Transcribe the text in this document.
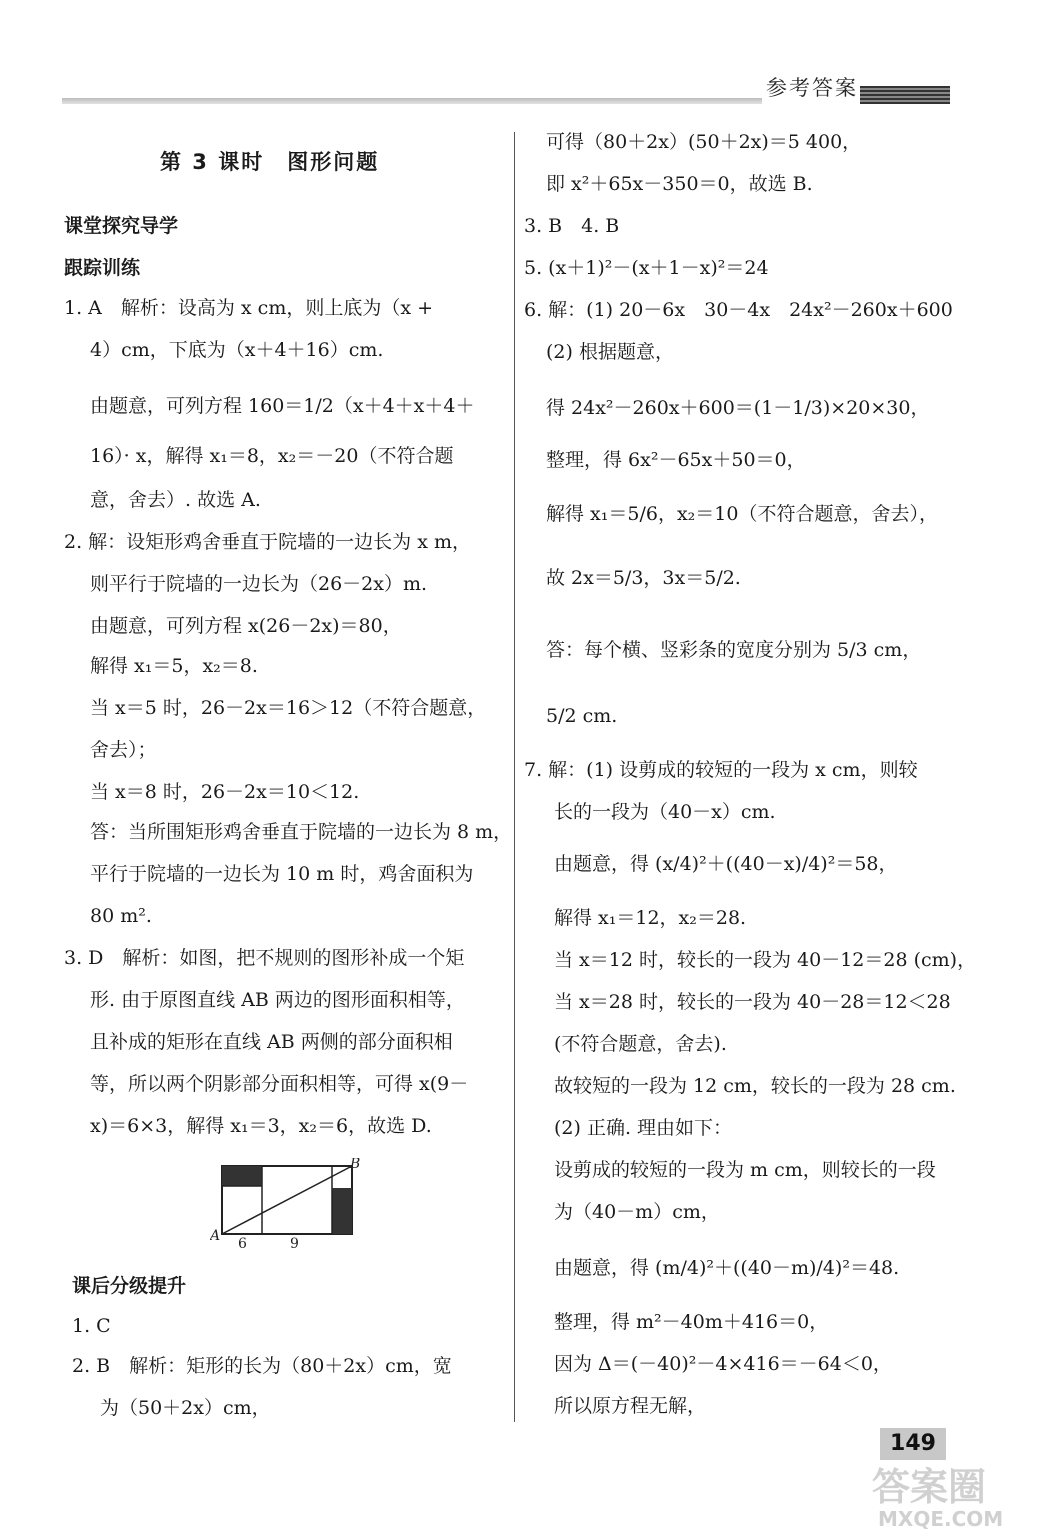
参考答案
第 3 课时　图形问题
课堂探究导学
跟踪训练
1. A　解析：设高为 x cm，则上底为（x +
4）cm，下底为（x＋4＋16）cm.
由题意，可列方程 160＝1/2（x＋4＋x＋4＋
16）· x，解得 x₁＝8，x₂＝－20（不符合题
意，舍去）. 故选 A.
2. 解：设矩形鸡舍垂直于院墙的一边长为 x m，
则平行于院墙的一边长为（26－2x）m.
由题意，可列方程 x(26－2x)＝80，
解得 x₁＝5，x₂＝8.
当 x＝5 时，26－2x＝16＞12（不符合题意，
舍去）；
当 x＝8 时，26－2x＝10＜12.
答：当所围矩形鸡舍垂直于院墙的一边长为 8 m，
平行于院墙的一边长为 10 m 时，鸡舍面积为
80 m².
3. D　解析：如图，把不规则的图形补成一个矩
形. 由于原图直线 AB 两边的图形面积相等，
且补成的矩形在直线 AB 两侧的部分面积相
等，所以两个阴影部分面积相等，可得 x(9－
x)＝6×3，解得 x₁＝3，x₂＝6，故选 D.
A
B
6	9
课后分级提升
1. C
2. B　解析：矩形的长为（80＋2x）cm，宽
为（50＋2x）cm，
可得（80＋2x）(50＋2x)＝5 400，
即 x²＋65x－350＝0，故选 B.
3. B　4. B
5. (x＋1)²－(x＋1－x)²＝24
6. 解：(1) 20－6x　30－4x　24x²－260x＋600
(2) 根据题意，
得 24x²－260x＋600＝(1－1/3)×20×30，
整理，得 6x²－65x＋50＝0，
解得 x₁＝5/6，x₂＝10（不符合题意，舍去），
故 2x＝5/3，3x＝5/2.
答：每个横、竖彩条的宽度分别为 5/3 cm，
5/2 cm.
7. 解：(1) 设剪成的较短的一段为 x cm，则较
长的一段为（40－x）cm.
由题意，得 (x/4)²＋((40－x)/4)²＝58，
解得 x₁＝12，x₂＝28.
当 x＝12 时，较长的一段为 40－12＝28 (cm)，
当 x＝28 时，较长的一段为 40－28＝12＜28
(不符合题意，舍去).
故较短的一段为 12 cm，较长的一段为 28 cm.
(2) 正确. 理由如下：
设剪成的较短的一段为 m cm，则较长的一段
为（40－m）cm，
由题意，得 (m/4)²＋((40－m)/4)²＝48.
整理，得 m²－40m＋416＝0，
因为 Δ＝(－40)²－4×416＝－64＜0，
所以原方程无解，
149
答案圈
MXQE.COM
